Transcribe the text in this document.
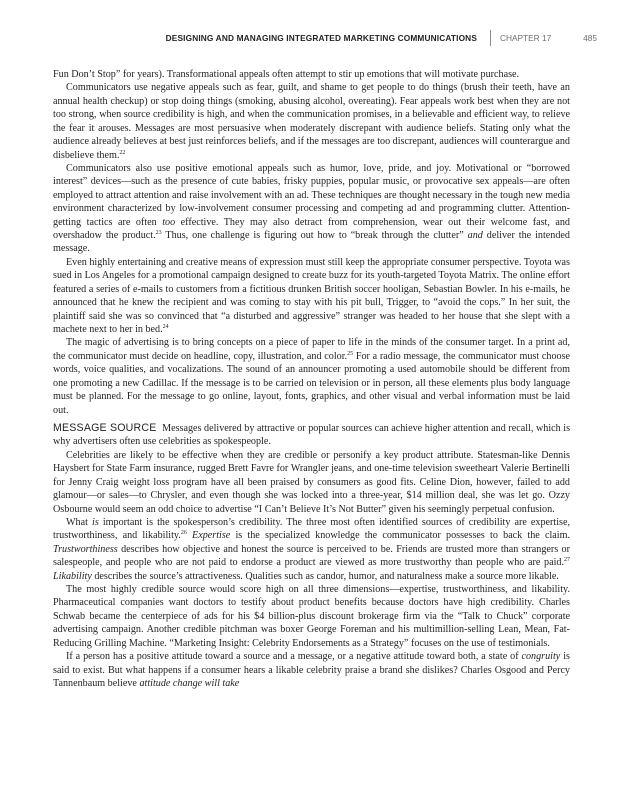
DESIGNING AND MANAGING INTEGRATED MARKETING COMMUNICATIONS	CHAPTER 17	485

Fun Don’t Stop” for years). Transformational appeals often attempt to stir up emotions that will motivate purchase.

Communicators use negative appeals such as fear, guilt, and shame to get people to do things (brush their teeth, have an annual health checkup) or stop doing things (smoking, abusing alcohol, overeating). Fear appeals work best when they are not too strong, when source credibility is high, and when the communication promises, in a believable and efficient way, to relieve the fear it arouses. Messages are most persuasive when moderately discrepant with audience beliefs. Stating only what the audience already believes at best just reinforces beliefs, and if the messages are too discrepant, audiences will counterargue and disbelieve them.$^{22}$

Communicators also use positive emotional appeals such as humor, love, pride, and joy. Motivational or “borrowed interest” devices—such as the presence of cute babies, frisky puppies, popular music, or provocative sex appeals—are often employed to attract attention and raise involvement with an ad. These techniques are thought necessary in the tough new media environment characterized by low-involvement consumer processing and competing ad and programming clutter. Attention-getting tactics are often too effective. They may also detract from comprehension, wear out their welcome fast, and overshadow the product.$^{23}$ Thus, one challenge is figuring out how to “break through the clutter” and deliver the intended message.

Even highly entertaining and creative means of expression must still keep the appropriate consumer perspective. Toyota was sued in Los Angeles for a promotional campaign designed to create buzz for its youth-targeted Toyota Matrix. The online effort featured a series of e-mails to customers from a fictitious drunken British soccer hooligan, Sebastian Bowler. In his e-mails, he announced that he knew the recipient and was coming to stay with his pit bull, Trigger, to “avoid the cops.” In her suit, the plaintiff said she was so convinced that “a disturbed and aggressive” stranger was headed to her house that she slept with a machete next to her in bed.$^{24}$

The magic of advertising is to bring concepts on a piece of paper to life in the minds of the consumer target. In a print ad, the communicator must decide on headline, copy, illustration, and color.$^{25}$ For a radio message, the communicator must choose words, voice qualities, and vocalizations. The sound of an announcer promoting a used automobile should be different from one promoting a new Cadillac. If the message is to be carried on television or in person, all these elements plus body language must be planned. For the message to go online, layout, fonts, graphics, and other visual and verbal information must be laid out.

MESSAGE SOURCE Messages delivered by attractive or popular sources can achieve higher attention and recall, which is why advertisers often use celebrities as spokespeople.

Celebrities are likely to be effective when they are credible or personify a key product attribute. Statesman-like Dennis Haysbert for State Farm insurance, rugged Brett Favre for Wrangler jeans, and one-time television sweetheart Valerie Bertinelli for Jenny Craig weight loss program have all been praised by consumers as good fits. Celine Dion, however, failed to add glamour—or sales—to Chrysler, and even though she was locked into a three-year, $14 million deal, she was let go. Ozzy Osbourne would seem an odd choice to advertise “I Can’t Believe It’s Not Butter” given his seemingly perpetual confusion.

What is important is the spokesperson’s credibility. The three most often identified sources of credibility are expertise, trustworthiness, and likability.$^{26}$ Expertise is the specialized knowledge the communicator possesses to back the claim. Trustworthiness describes how objective and honest the source is perceived to be. Friends are trusted more than strangers or salespeople, and people who are not paid to endorse a product are viewed as more trustworthy than people who are paid.$^{27}$ Likability describes the source’s attractiveness. Qualities such as candor, humor, and naturalness make a source more likable.

The most highly credible source would score high on all three dimensions—expertise, trustworthiness, and likability. Pharmaceutical companies want doctors to testify about product benefits because doctors have high credibility. Charles Schwab became the centerpiece of ads for his $4 billion-plus discount brokerage firm via the “Talk to Chuck” corporate advertising campaign. Another credible pitchman was boxer George Foreman and his multimillion-selling Lean, Mean, Fat-Reducing Grilling Machine. “Marketing Insight: Celebrity Endorsements as a Strategy” focuses on the use of testimonials.

If a person has a positive attitude toward a source and a message, or a negative attitude toward both, a state of congruity is said to exist. But what happens if a consumer hears a likable celebrity praise a brand she dislikes? Charles Osgood and Percy Tannenbaum believe attitude change will take
